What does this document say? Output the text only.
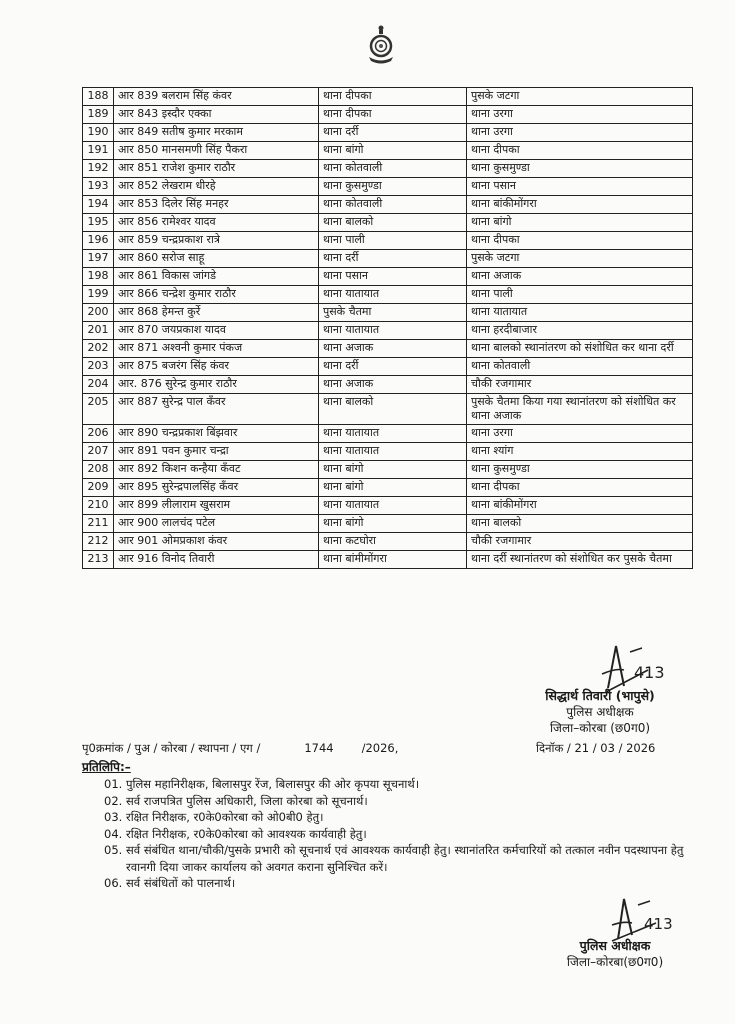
188	आर 839 बलराम सिंह कंवर	थाना दीपका	पुसके जटगा
189	आर 843 इस्दौर एक्का	थाना दीपका	थाना उरगा
190	आर 849 सतीष कुमार मरकाम	थाना दर्री	थाना उरगा
191	आर 850 मानसमणी सिंह पैकरा	थाना बांगो	थाना दीपका
192	आर 851 राजेश कुमार राठौर	थाना कोतवाली	थाना कुसमुण्डा
193	आर 852 लेखराम धीरहे	थाना कुसमुण्डा	थाना पसान
194	आर 853 दिलेर सिंह मनहर	थाना कोतवाली	थाना बांकीमोंगरा
195	आर 856 रामेश्वर यादव	थाना बालको	थाना बांगो
196	आर 859 चन्द्रप्रकाश रात्रे	थाना पाली	थाना दीपका
197	आर 860 सरोज साहू	थाना दर्री	पुसके जटगा
198	आर 861 विकास जांगडे	थाना पसान	थाना अजाक
199	आर 866 चन्द्रेश कुमार राठौर	थाना यातायात	थाना पाली
200	आर 868 हेमन्त कुर्रे	पुसके चैतमा	थाना यातायात
201	आर 870 जयप्रकाश यादव	थाना यातायात	थाना हरदीबाजार
202	आर 871 अश्वनी कुमार पंकज	थाना अजाक	थाना बालको स्थानांतरण को संशोधित कर थाना दर्री
203	आर 875 बजरंग सिंह कंवर	थाना दर्री	थाना कोतवाली
204	आर. 876 सुरेन्द्र कुमार राठौर	थाना अजाक	चौकी रजगामार
205	आर 887 सुरेन्द्र पाल कँवर	थाना बालको	पुसके चैतमा किया गया स्थानांतरण को संशोधित कर थाना अजाक
206	आर 890 चन्द्रप्रकाश बिंझवार	थाना यातायात	थाना उरगा
207	आर 891 पवन कुमार चन्द्रा	थाना यातायात	थाना श्यांग
208	आर 892 किशन कन्हैया कँवट	थाना बांगो	थाना कुसमुण्डा
209	आर 895 सुरेन्द्रपालसिंह कँवर	थाना बांगो	थाना दीपका
210	आर 899 लीलाराम खुसराम	थाना यातायात	थाना बांकीमोंगरा
211	आर 900 लालचंद पटेल	थाना बांगो	थाना बालको
212	आर 901 ओमप्रकाश कंवर	थाना कटघोरा	चौकी रजगामार
213	आर 916 विनोद तिवारी	थाना बांमीमोंगरा	थाना दर्री स्थानांतरण को संशोधित कर पुसके चैतमा
413
सिद्धार्थ तिवारी (भापुसे)
पुलिस अधीक्षक
जिला–कोरबा (छ0ग0)
पृ0क्रमांक / पुअ / कोरबा / स्थापना / एग /	1744 /2026,	दिनॉक / 21 / 03 / 2026
प्रतिलिपि:–
01. पुलिस महानिरीक्षक, बिलासपुर रेंज, बिलासपुर की ओर कृपया सूचनार्थ।
02. सर्व राजपत्रित पुलिस अधिकारी, जिला कोरबा को सूचनार्थ।
03. रक्षित निरीक्षक, र0के0कोरबा को ओ0बी0 हेतु।
04. रक्षित निरीक्षक, र0के0कोरबा को आवश्यक कार्यवाही हेतु।
05. सर्व संबंधित थाना/चौकी/पुसके प्रभारी को सूचनार्थ एवं आवश्यक कार्यवाही हेतु। स्थानांतरित कर्मचारियों को तत्काल नवीन पदस्थापना हेतु रवानगी दिया जाकर कार्यालय को अवगत कराना सुनिश्चित करें।
06. सर्व संबंधितों को पालनार्थ।
413
पुलिस अधीक्षक
जिला–कोरबा(छ0ग0)
